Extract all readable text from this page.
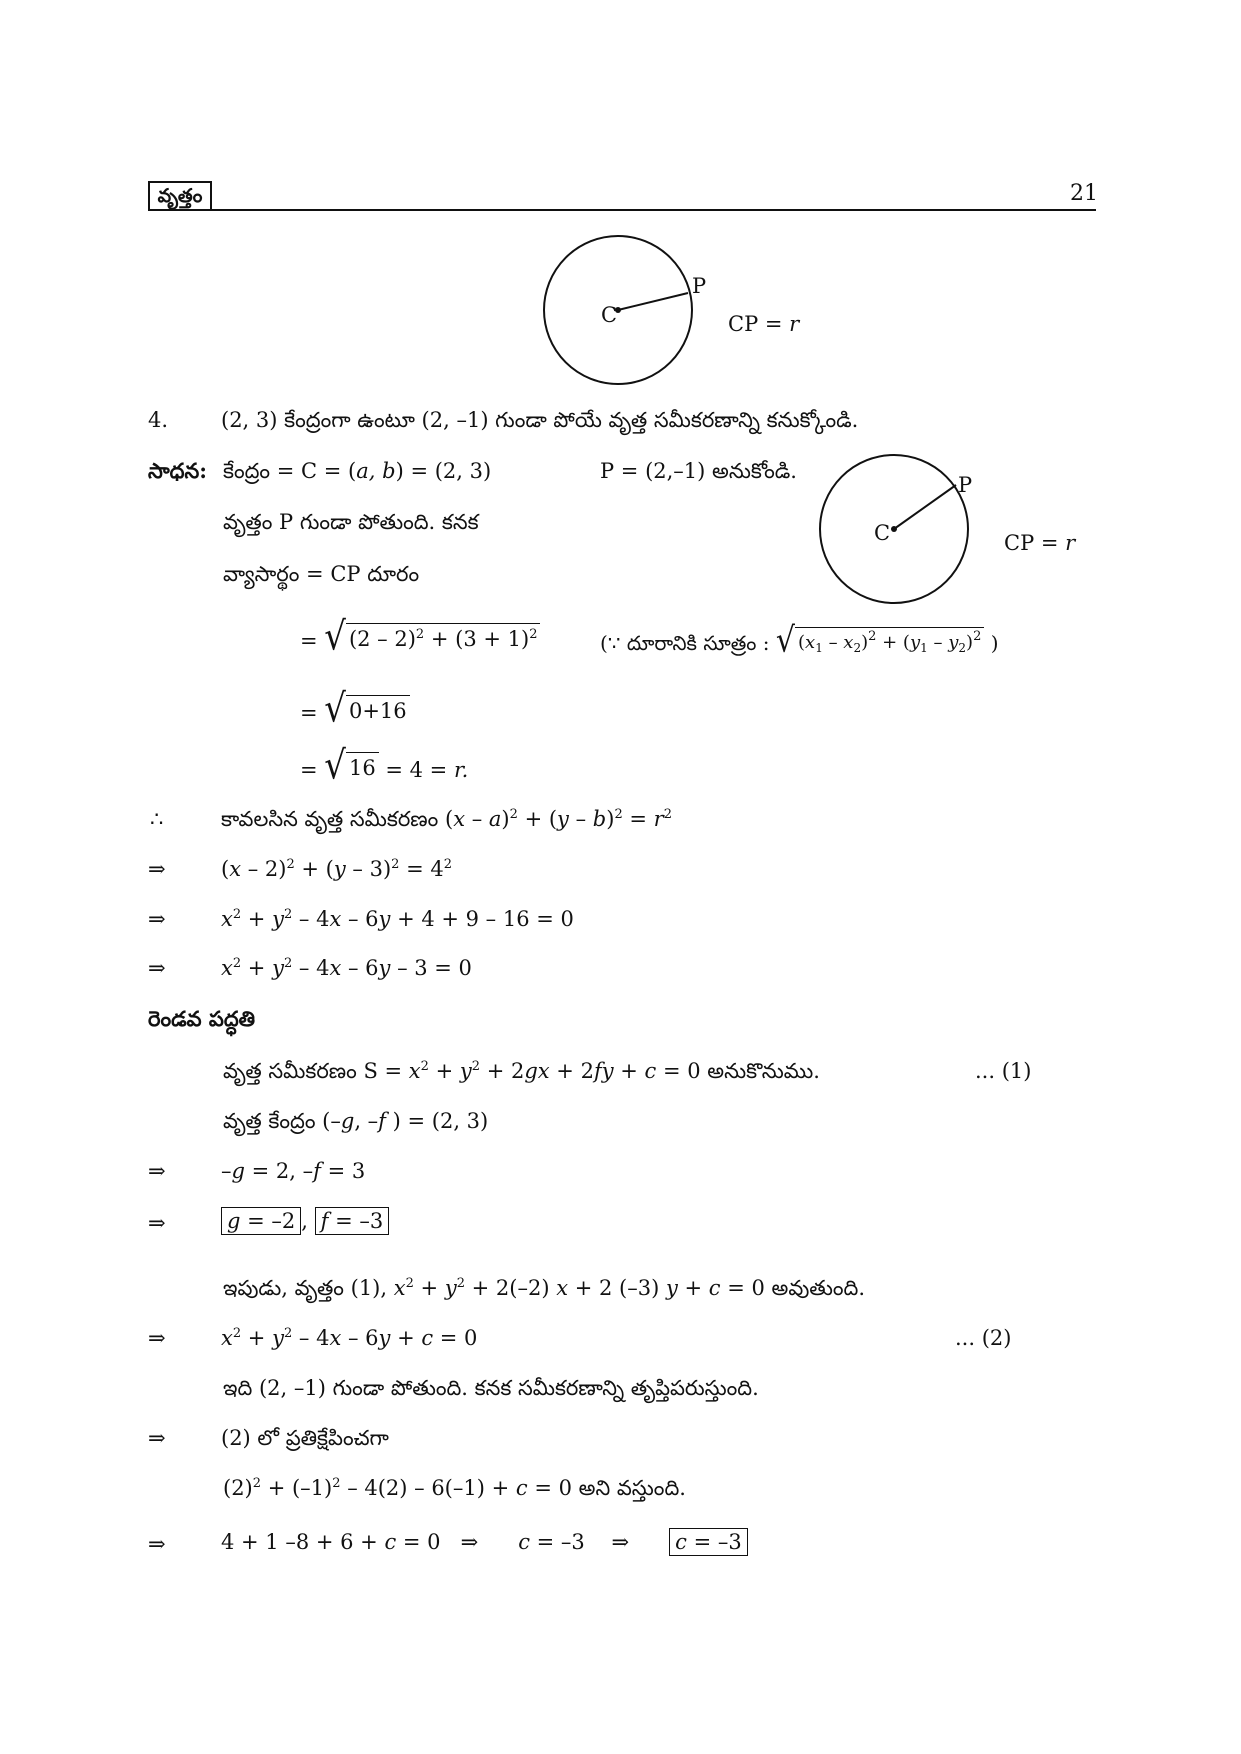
వృత్తం	21
C
P
CP = r
4.	(2, 3) కేంద్రంగా ఉంటూ (2, –1) గుండా పోయే వృత్త సమీకరణాన్ని కనుక్కోండి.
సాధన: కేంద్రం = C = (a, b) = (2, 3)	P = (2,–1) అనుకోండి.
C
P
CP = r
వృత్తం P గుండా పోతుంది. కనక
వ్యాసార్థం = CP దూరం
= √ $(2 - 2)^2 + (3 + 1)^2$	(∵ దూరానికి సూత్రం : √ $(x_1 - x_2)^2 + (y_1 - y_2)^2$ )
= √ 0+16
= √ 16 = 4 = r.
∴	కావలసిన వృత్త సమీకరణం $(x - a)^2 + (y - b)^2 = r^2$
⇒	$(x - 2)^2 + (y - 3)^2 = 4^2$
⇒	$x^2 + y^2 - 4x - 6y + 4 + 9 - 16 = 0$
⇒	$x^2 + y^2 - 4x - 6y - 3 = 0$
రెండవ పద్ధతి
వృత్త సమీకరణం $S = x^2 + y^2 + 2gx + 2fy + c = 0$ అనుకొనుము.	... (1)
వృత్త కేంద్రం (–g, –f ) = (2, 3)
⇒	–g = 2, –f = 3
⇒	g = –2 , f = –3
ఇపుడు, వృత్తం (1), $x^2 + y^2 + 2(-2) x + 2$ (–3) y + c = 0 అవుతుంది.
⇒	$x^2 + y^2 - 4x - 6y + c = 0$	... (2)
ఇది (2, –1) గుండా పోతుంది. కనక సమీకరణాన్ని తృప్తిపరుస్తుంది.
⇒	(2) లో ప్రతిక్షేపించగా
$(2)^2 + (-1)^2 - 4(2) - 6(-1) + c = 0$ అని వస్తుంది.
⇒	4 + 1 –8 + 6 + c = 0   ⇒      c = –3    ⇒      c = –3
